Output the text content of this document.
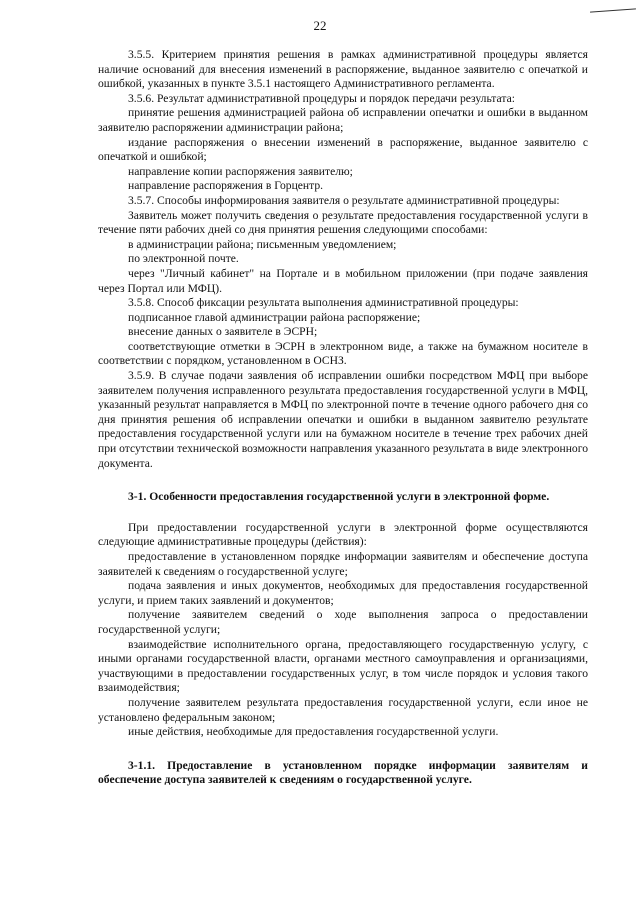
22

3.5.5. Критерием принятия решения в рамках административной процедуры является наличие оснований для внесения изменений в распоряжение, выданное заявителю с опечаткой и ошибкой, указанных в пункте 3.5.1 настоящего Административного регламента.

3.5.6. Результат административной процедуры и порядок передачи результата:

принятие решения администрацией района об исправлении опечатки и ошибки в выданном заявителю распоряжении администрации района;

издание распоряжения о внесении изменений в распоряжение, выданное заявителю с опечаткой и ошибкой;

направление копии распоряжения заявителю;

направление распоряжения в Горцентр.

3.5.7. Способы информирования заявителя о результате административной процедуры:

Заявитель может получить сведения о результате предоставления государственной услуги в течение пяти рабочих дней со дня принятия решения следующими способами:

в администрации района; письменным уведомлением;

по электронной почте.

через "Личный кабинет" на Портале и в мобильном приложении (при подаче заявления через Портал или МФЦ).

3.5.8. Способ фиксации результата выполнения административной процедуры:

подписанное главой администрации района распоряжение;

внесение данных о заявителе в ЭСРН;

соответствующие отметки в ЭСРН в электронном виде, а также на бумажном носителе в соответствии с порядком, установленном в ОСНЗ.

3.5.9. В случае подачи заявления об исправлении ошибки посредством МФЦ при выборе заявителем получения исправленного результата предоставления государственной услуги в МФЦ, указанный результат направляется в МФЦ по электронной почте в течение одного рабочего дня со дня принятия решения об исправлении опечатки и ошибки в выданном заявителю результате предоставления государственной услуги или на бумажном носителе в течение трех рабочих дней при отсутствии технической возможности направления указанного результата в виде электронного документа.

3-1. Особенности предоставления государственной услуги в электронной форме.

При предоставлении государственной услуги в электронной форме осуществляются следующие административные процедуры (действия):

предоставление в установленном порядке информации заявителям и обеспечение доступа заявителей к сведениям о государственной услуге;

подача заявления и иных документов, необходимых для предоставления государственной услуги, и прием таких заявлений и документов;

получение заявителем сведений о ходе выполнения запроса о предоставлении государственной услуги;

взаимодействие исполнительного органа, предоставляющего государственную услугу, с иными органами государственной власти, органами местного самоуправления и организациями, участвующими в предоставлении государственных услуг, в том числе порядок и условия такого взаимодействия;

получение заявителем результата предоставления государственной услуги, если иное не установлено федеральным законом;

иные действия, необходимые для предоставления государственной услуги.

3-1.1. Предоставление в установленном порядке информации заявителям и обеспечение доступа заявителей к сведениям о государственной услуге.
